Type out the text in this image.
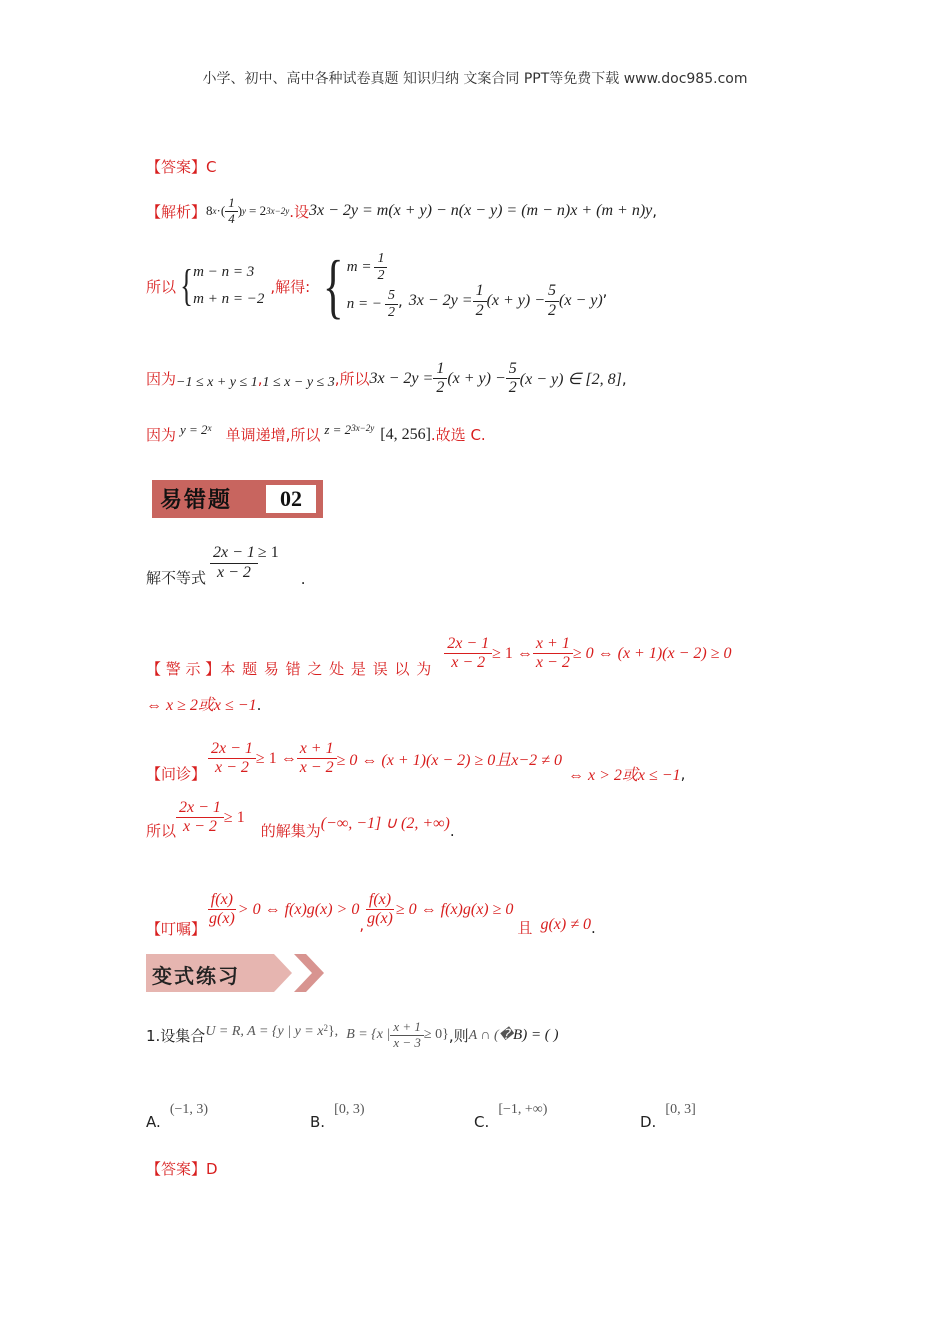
小学、初中、高中各种试卷真题 知识归纳 文案合同 PPT等免费下载 www.doc985.com
【答案】C
【解析】 8 x ·( $\frac{1}{4}$ ) y = 2 3x−2y .设 3x − 2y = m(x + y) − n(x − y) = (m − n)x + (m + n)y ,
所以 { m − n = 3
m + n = −2
,解得: { $m = \frac{1}{2}$
n = − $\frac{5}{2}$ , $3x - 2y = \frac{1}{2} (x + y) - \frac{5}{2} (x - y)$
,
因为 −1 ≤ x + y ≤ 1 , 1 ≤ x − y ≤ 3 ,所以 $3x - 2y = \frac{1}{2} (x + y) - \frac{5}{2} (x - y)$ ∈ [2, 8] ,
因为 y = 2 x 单调递增,所以 z = 2 3x−2y [4, 256] .故选 C.
易错题	02
解不等式 $\frac{2x - 1}{x - 2} \ge 1$
.
【 警 示 】 本 题 易 错 之 处 是 误 以 为 $\frac{2x - 1}{x - 2} \ge 1$ ⇔ $\frac{x + 1}{x - 2} \ge 0$ ⇔ (x + 1)(x − 2) ≥ 0
⇔ x ≥ 2或x ≤ −1.
【问诊】 $\frac{2x - 1}{x - 2} \ge 1$ ⇔ $\frac{x + 1}{x - 2} \ge 0$ ⇔ (x + 1)(x − 2) ≥ 0且x−2 ≠ 0
⇔ x > 2或x ≤ −1 ,
所以 $\frac{2x - 1}{x - 2} \ge 1$
的解集为 (−∞, −1] ∪ (2, +∞) .
【叮嘱】
$\frac{f(x)}{g(x)} > 0$ ⇔ f(x)g(x) > 0
, $\frac{f(x)}{g(x)} \ge 0$ ⇔ f(x)g(x) ≥ 0
且 g(x) ≠ 0 .
变式练习
1.设集合 U = R, A = {y | $y = x^2$ }, B = {x | $\frac{x + 1}{x - 3} \ge 0$} ,则 A ∩ (� B) = ( )
A. (−1, 3)
B. [0, 3)
C. [−1, +∞)
D. [0, 3]
【答案】D
